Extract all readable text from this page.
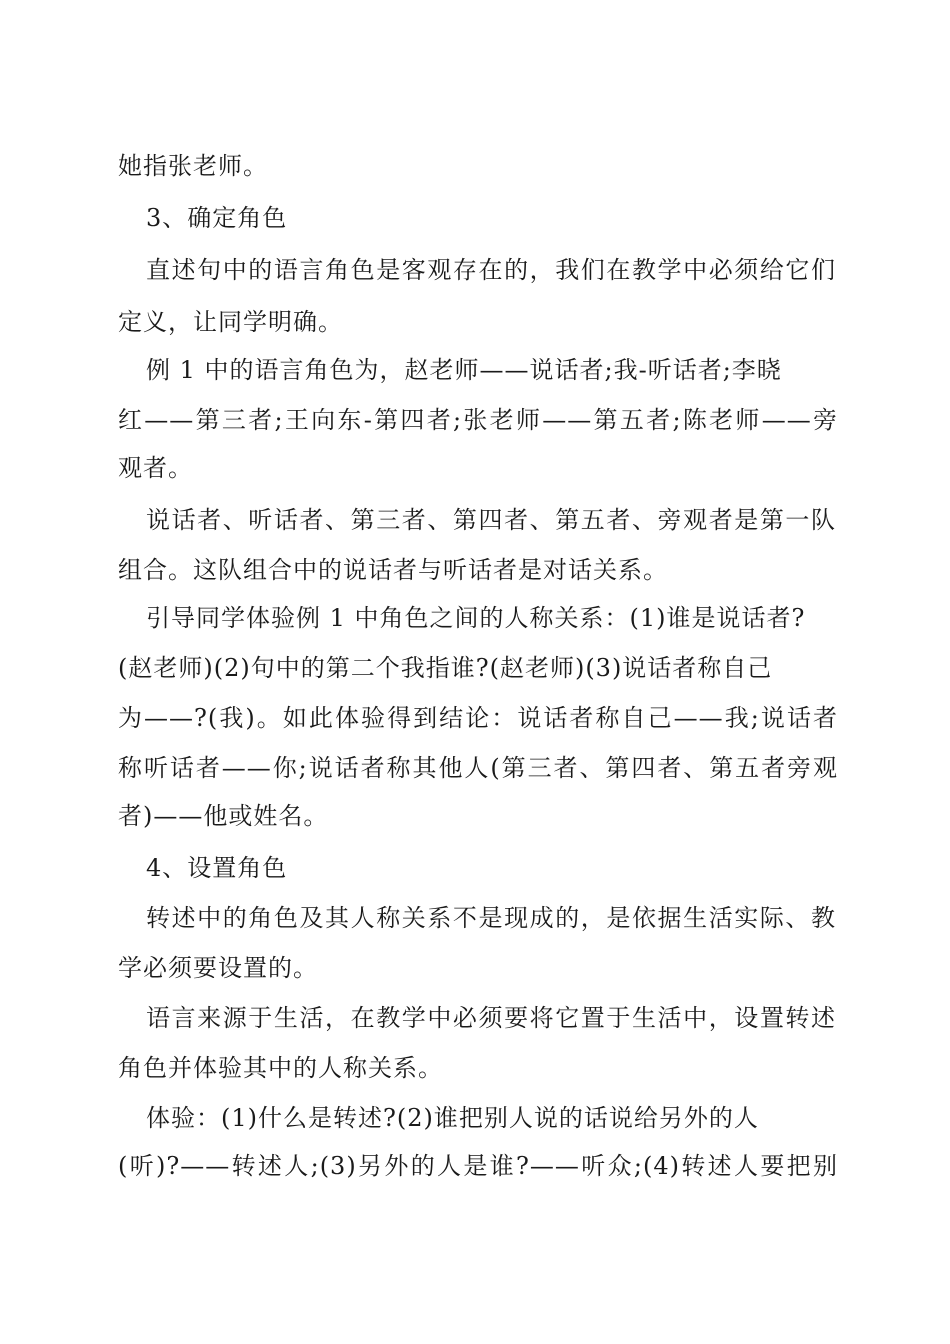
她指张老师。
3、确定角色
直述句中的语言角色是客观存在的，我们在教学中必须给它们
定义，让同学明确。
例 1 中的语言角色为，赵老师——说话者;我-听话者;李晓
红——第三者;王向东-第四者;张老师——第五者;陈老师——旁
观者。
说话者、听话者、第三者、第四者、第五者、旁观者是第一队
组合。这队组合中的说话者与听话者是对话关系。
引导同学体验例 1 中角色之间的人称关系：(1)谁是说话者?
(赵老师)(2)句中的第二个我指谁?(赵老师)(3)说话者称自己
为——?(我)。如此体验得到结论：说话者称自己——我;说话者
称听话者——你;说话者称其他人(第三者、第四者、第五者旁观
者)——他或姓名。
4、设置角色
转述中的角色及其人称关系不是现成的，是依据生活实际、教
学必须要设置的。
语言来源于生活，在教学中必须要将它置于生活中，设置转述
角色并体验其中的人称关系。
体验：(1)什么是转述?(2)谁把别人说的话说给另外的人
(听)?——转述人;(3)另外的人是谁?——听众;(4)转述人要把别
